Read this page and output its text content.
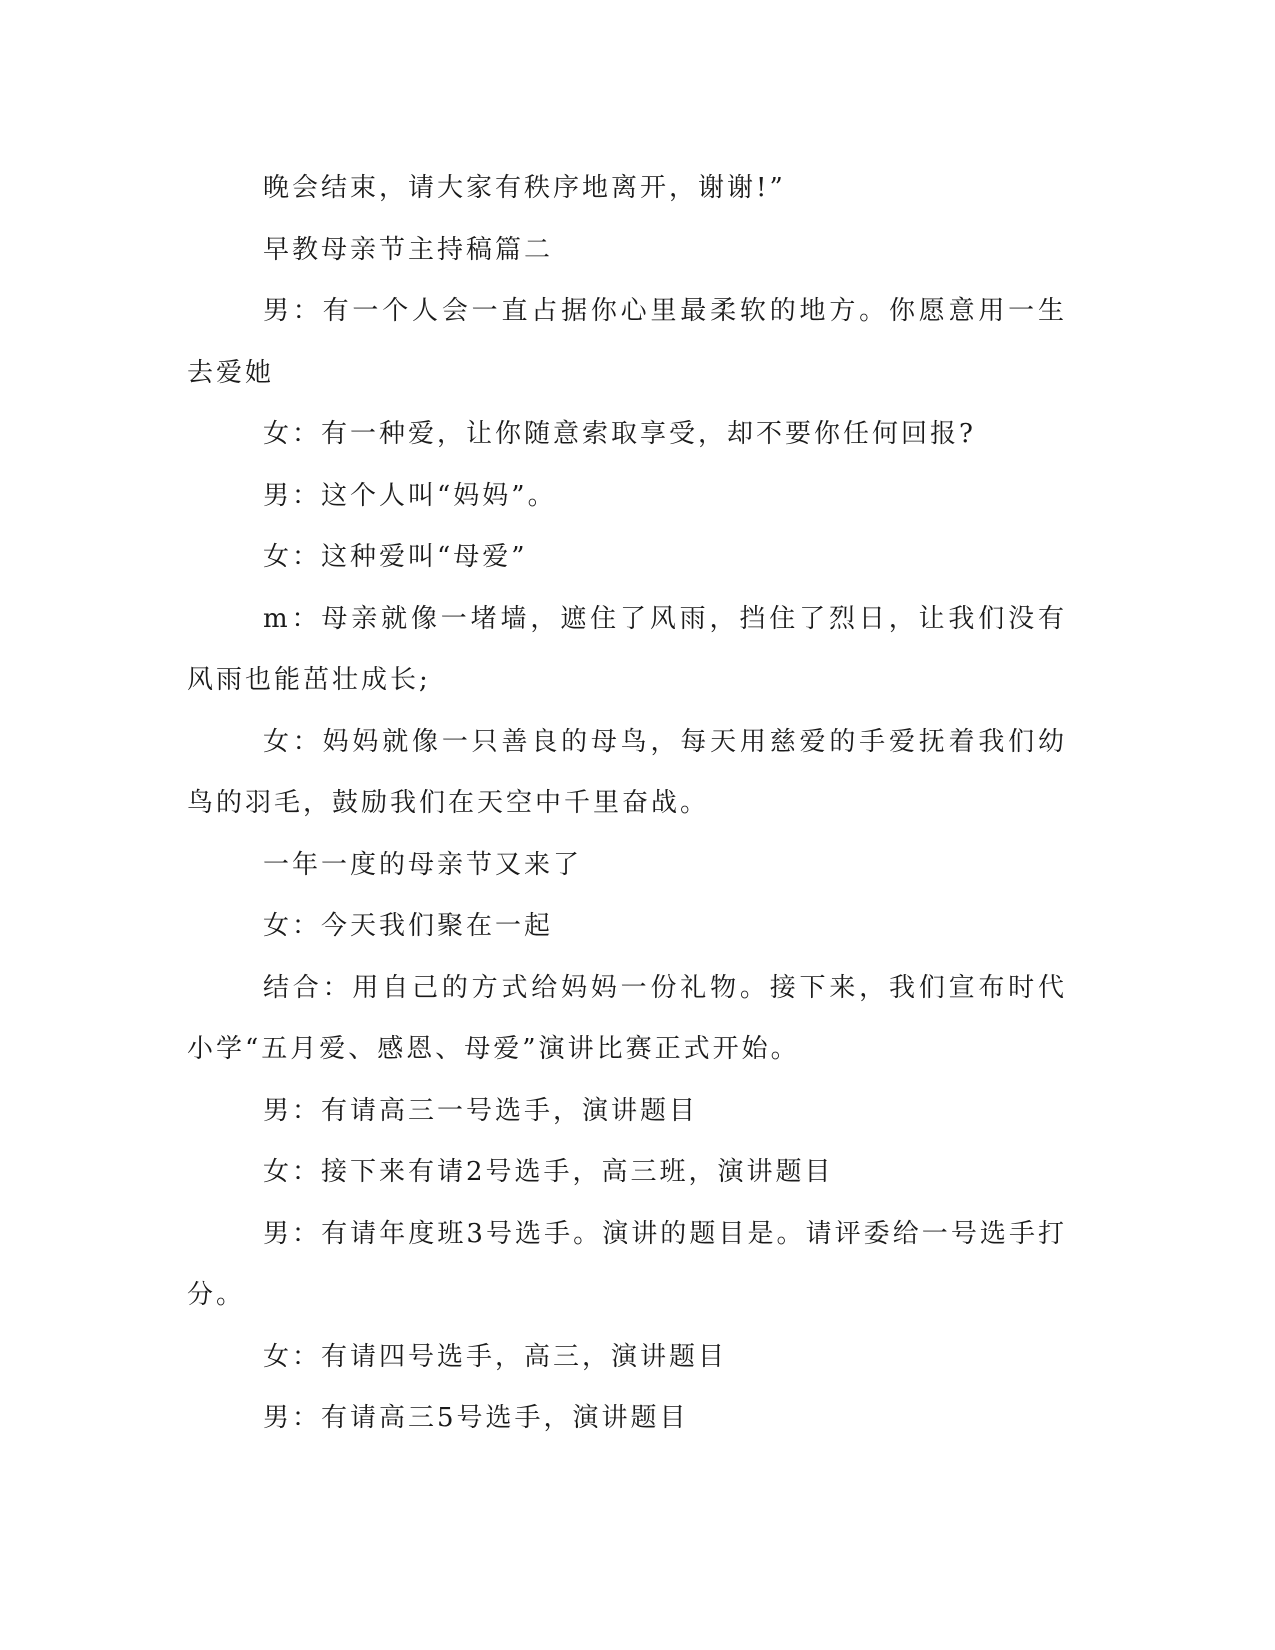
晚会结束，请大家有秩序地离开，谢谢!”

早教母亲节主持稿篇二

男：有一个人会一直占据你心里最柔软的地方。你愿意用一生去爱她

女：有一种爱，让你随意索取享受，却不要你任何回报?

男：这个人叫“妈妈”。

女：这种爱叫“母爱”

m：母亲就像一堵墙，遮住了风雨，挡住了烈日，让我们没有风雨也能茁壮成长;

女：妈妈就像一只善良的母鸟，每天用慈爱的手爱抚着我们幼鸟的羽毛，鼓励我们在天空中千里奋战。

一年一度的母亲节又来了

女：今天我们聚在一起

结合：用自己的方式给妈妈一份礼物。接下来，我们宣布时代小学“五月爱、感恩、母爱”演讲比赛正式开始。

男：有请高三一号选手，演讲题目

女：接下来有请2号选手，高三班，演讲题目

男：有请年度班3号选手。演讲的题目是。请评委给一号选手打分。

女：有请四号选手，高三，演讲题目

男：有请高三5号选手，演讲题目
